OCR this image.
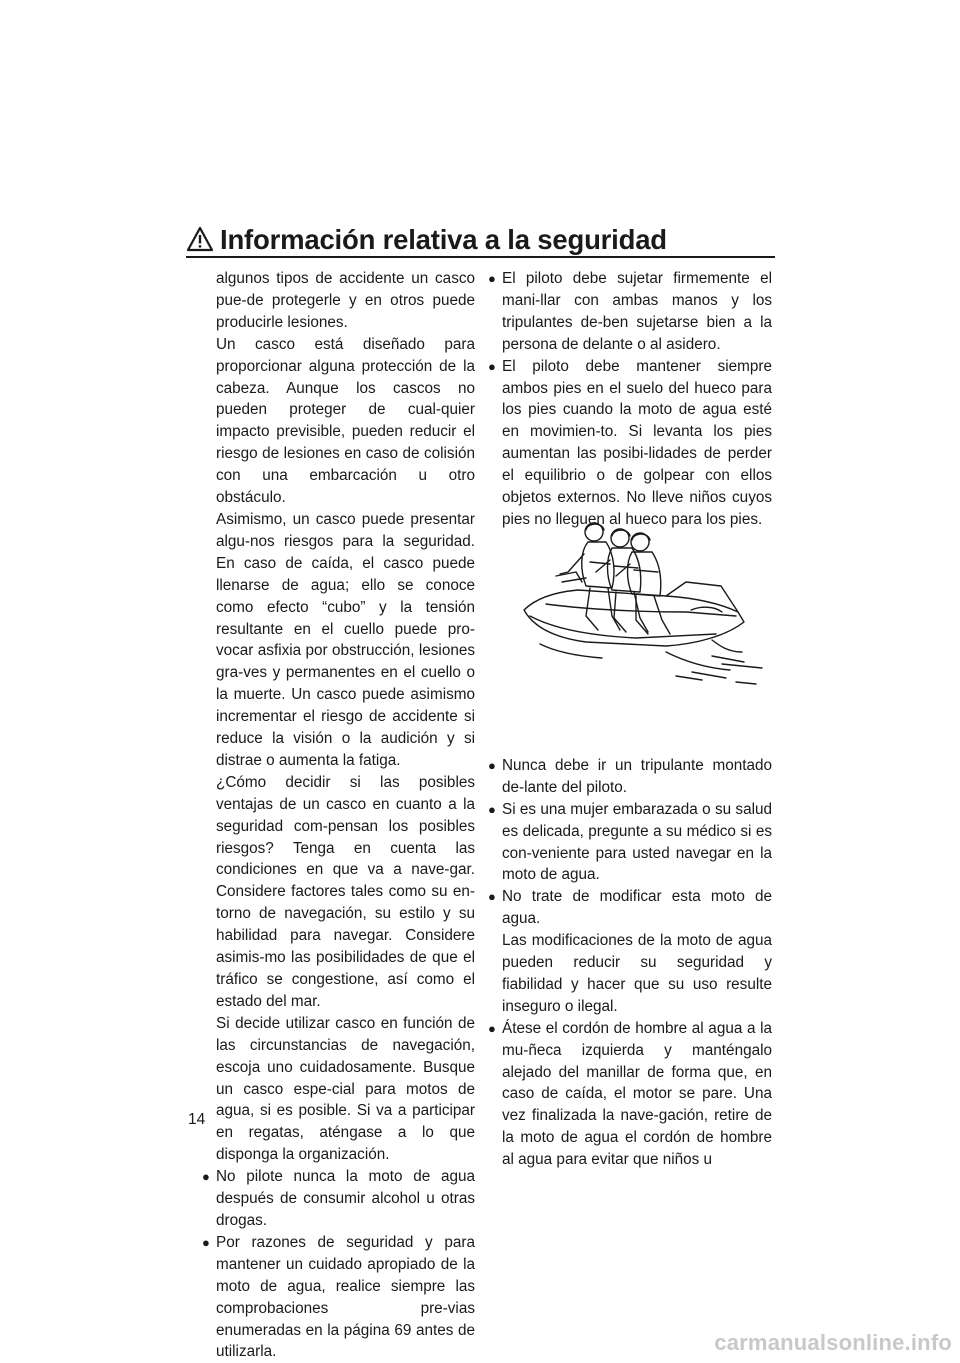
Información relativa a la seguridad

algunos tipos de accidente un casco pue-de protegerle y en otros puede producirle lesiones.

Un casco está diseñado para proporcionar alguna protección de la cabeza. Aunque los cascos no pueden proteger de cual-quier impacto previsible, pueden reducir el riesgo de lesiones en caso de colisión con una embarcación u otro obstáculo.

Asimismo, un casco puede presentar algu-nos riesgos para la seguridad. En caso de caída, el casco puede llenarse de agua; ello se conoce como efecto “cubo” y la tensión resultante en el cuello puede pro-vocar asfixia por obstrucción, lesiones gra-ves y permanentes en el cuello o la muerte. Un casco puede asimismo incrementar el riesgo de accidente si reduce la visión o la audición y si distrae o aumenta la fatiga.

¿Cómo decidir si las posibles ventajas de un casco en cuanto a la seguridad com-pensan los posibles riesgos? Tenga en cuenta las condiciones en que va a nave-gar. Considere factores tales como su en-torno de navegación, su estilo y su habilidad para navegar. Considere asimis-mo las posibilidades de que el tráfico se congestione, así como el estado del mar.

Si decide utilizar casco en función de las circunstancias de navegación, escoja uno cuidadosamente. Busque un casco espe-cial para motos de agua, si es posible. Si va a participar en regatas, aténgase a lo que disponga la organización.

● No pilote nunca la moto de agua después de consumir alcohol u otras drogas.
● Por razones de seguridad y para mantener un cuidado apropiado de la moto de agua, realice siempre las comprobaciones pre-vias enumeradas en la página 69 antes de utilizarla.
● El piloto debe sujetar firmemente el mani-llar con ambas manos y los tripulantes de-ben sujetarse bien a la persona de delante o al asidero.
● El piloto debe mantener siempre ambos pies en el suelo del hueco para los pies cuando la moto de agua esté en movimien-to. Si levanta los pies aumentan las posibi-lidades de perder el equilibrio o de golpear con ellos objetos externos. No lleve niños cuyos pies no lleguen al hueco para los pies.
● Nunca debe ir un tripulante montado de-lante del piloto.
● Si es una mujer embarazada o su salud es delicada, pregunte a su médico si es con-veniente para usted navegar en la moto de agua.
● No trate de modificar esta moto de agua.

Las modificaciones de la moto de agua pueden reducir su seguridad y fiabilidad y hacer que su uso resulte inseguro o ilegal.

● Átese el cordón de hombre al agua a la mu-ñeca izquierda y manténgalo alejado del manillar de forma que, en caso de caída, el motor se pare. Una vez finalizada la nave-gación, retire de la moto de agua el cordón de hombre al agua para evitar que niños u
14
carmanualsonline.info
